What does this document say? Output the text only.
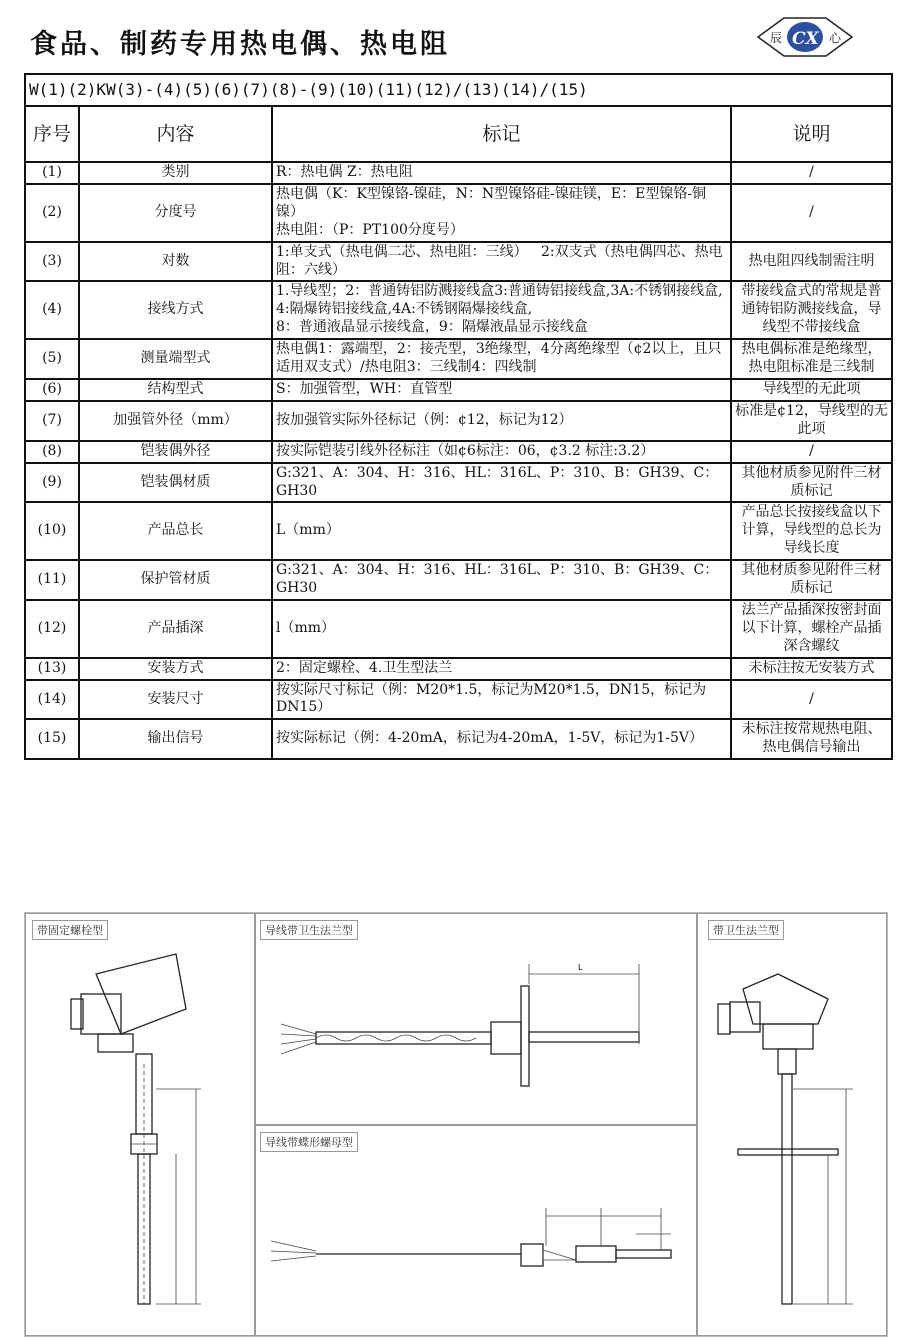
食品、制药专用热电偶、热电阻	辰 CX 心
W(1)(2)KW(3)-(4)(5)(6)(7)(8)-(9)(10)(11)(12)/(13)(14)/(15)			
序号	内容	标记	说明
(1)	类别	R：热电偶 Z：热电阻	/
(2)	分度号	热电偶（K：K型镍铬-镍硅，N：N型镍铬硅-镍硅镁，E：E型镍铬-铜镍）
热电阻：（P：PT100分度号）	/
(3)	对数	1:单支式（热电偶二芯、热电阻：三线）   2:双支式（热电偶四芯、热电阻：六线）	热电阻四线制需注明
(4)	接线方式	1.导线型；2：普通铸铝防溅接线盒3:普通铸铝接线盒,3A:不锈钢接线盒, 4:隔爆铸铝接线盒,4A:不锈钢隔爆接线盒,
8：普通液晶显示接线盒，9：隔爆液晶显示接线盒	带接线盒式的常规是普通铸铝防溅接线盒，导线型不带接线盒
(5)	测量端型式	热电偶1：露端型，2：接壳型，3绝缘型，4分离绝缘型（¢2以上，且只适用双支式）/热电阻3：三线制4：四线制	热电偶标准是绝缘型，热电阻标准是三线制
(6)	结构型式	S：加强管型，WH：直管型	导线型的无此项
(7)	加强管外径（mm）	按加强管实际外径标记（例：¢12，标记为12）	标准是¢12，导线型的无此项
(8)	铠装偶外径	按实际铠装引线外径标注（如¢6标注：06，¢3.2 标注:3.2）	/
(9)	铠装偶材质	G:321、A：304、H：316、HL：316L、P：310、B：GH39、C：GH30	其他材质参见附件三材质标记
(10)	产品总长	L（mm）	产品总长按接线盒以下计算，导线型的总长为导线长度
(11)	保护管材质	G:321、A：304、H：316、HL：316L、P：310、B：GH39、C：GH30	其他材质参见附件三材质标记
(12)	产品插深	l（mm）	法兰产品插深按密封面以下计算，螺栓产品插深含螺纹
(13)	安装方式	2：固定螺栓、4.卫生型法兰	未标注按无安装方式
(14)	安装尺寸	按实际尺寸标记（例：M20*1.5，标记为M20*1.5，DN15，标记为DN15）	/
(15)	输出信号	按实际标记（例：4-20mA，标记为4-20mA，1-5V，标记为1-5V）	未标注按常规热电阻、热电偶信号输出
带固定螺栓型	导线带卫生法兰型
L
导线带蝶形螺母型
带卫生法兰型
